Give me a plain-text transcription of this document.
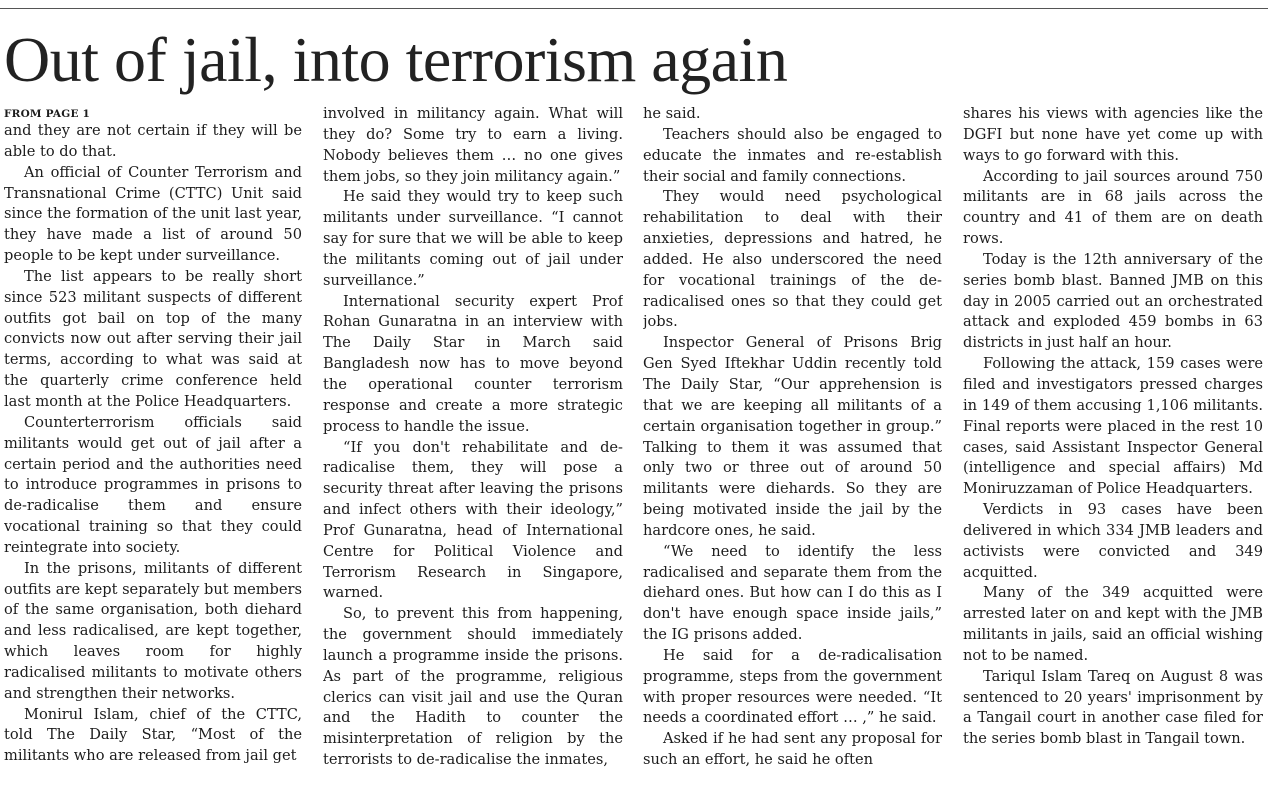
Out of jail, into terrorism again
FROM PAGE 1

and they are not certain if they will be able to do that.

An official of Counter Terrorism and Transnational Crime (CTTC) Unit said since the formation of the unit last year, they have made a list of around 50 people to be kept under surveillance.

The list appears to be really short since 523 militant suspects of different outfits got bail on top of the many convicts now out after serving their jail terms, according to what was said at the quarterly crime conference held last month at the Police Headquarters.

Counterterrorism officials said militants would get out of jail after a certain period and the authorities need to introduce programmes in prisons to de-radicalise them and ensure vocational training so that they could reintegrate into society.

In the prisons, militants of different outfits are kept separately but members of the same organisation, both diehard and less radicalised, are kept together, which leaves room for highly radicalised militants to motivate others and strengthen their networks.

Monirul Islam, chief of the CTTC, told The Daily Star, “Most of the militants who are released from jail get

involved in militancy again. What will they do? Some try to earn a living. Nobody believes them … no one gives them jobs, so they join militancy again.”

He said they would try to keep such militants under surveillance. “I cannot say for sure that we will be able to keep the militants coming out of jail under surveillance.”

International security expert Prof Rohan Gunaratna in an interview with The Daily Star in March said Bangladesh now has to move beyond the operational counter terrorism response and create a more strategic process to handle the issue.

“If you don't rehabilitate and de-radicalise them, they will pose a security threat after leaving the prisons and infect others with their ideology,” Prof Gunaratna, head of International Centre for Political Violence and Terrorism Research in Singapore, warned.

So, to prevent this from happening, the government should immediately launch a programme inside the prisons. As part of the programme, religious clerics can visit jail and use the Quran and the Hadith to counter the misinterpretation of religion by the terrorists to de-radicalise the inmates,

he said.

Teachers should also be engaged to educate the inmates and re-establish their social and family connections.

They would need psychological rehabilitation to deal with their anxieties, depressions and hatred, he added. He also underscored the need for vocational trainings of the de-radicalised ones so that they could get jobs.

Inspector General of Prisons Brig Gen Syed Iftekhar Uddin recently told The Daily Star, “Our apprehension is that we are keeping all militants of a certain organisation together in group.” Talking to them it was assumed that only two or three out of around 50 militants were diehards. So they are being motivated inside the jail by the hardcore ones, he said.

“We need to identify the less radicalised and separate them from the diehard ones. But how can I do this as I don't have enough space inside jails,” the IG prisons added.

He said for a de-radicalisation programme, steps from the government with proper resources were needed. “It needs a coordinated effort … ,” he said.

Asked if he had sent any proposal for such an effort, he said he often

shares his views with agencies like the DGFI but none have yet come up with ways to go forward with this.

According to jail sources around 750 militants are in 68 jails across the country and 41 of them are on death rows.

Today is the 12th anniversary of the series bomb blast. Banned JMB on this day in 2005 carried out an orchestrated attack and exploded 459 bombs in 63 districts in just half an hour.

Following the attack, 159 cases were filed and investigators pressed charges in 149 of them accusing 1,106 militants. Final reports were placed in the rest 10 cases, said Assistant Inspector General (intelligence and special affairs) Md Moniruzzaman of Police Headquarters.

Verdicts in 93 cases have been delivered in which 334 JMB leaders and activists were convicted and 349 acquitted.

Many of the 349 acquitted were arrested later on and kept with the JMB militants in jails, said an official wishing not to be named.

Tariqul Islam Tareq on August 8 was sentenced to 20 years' imprisonment by a Tangail court in another case filed for the series bomb blast in Tangail town.
